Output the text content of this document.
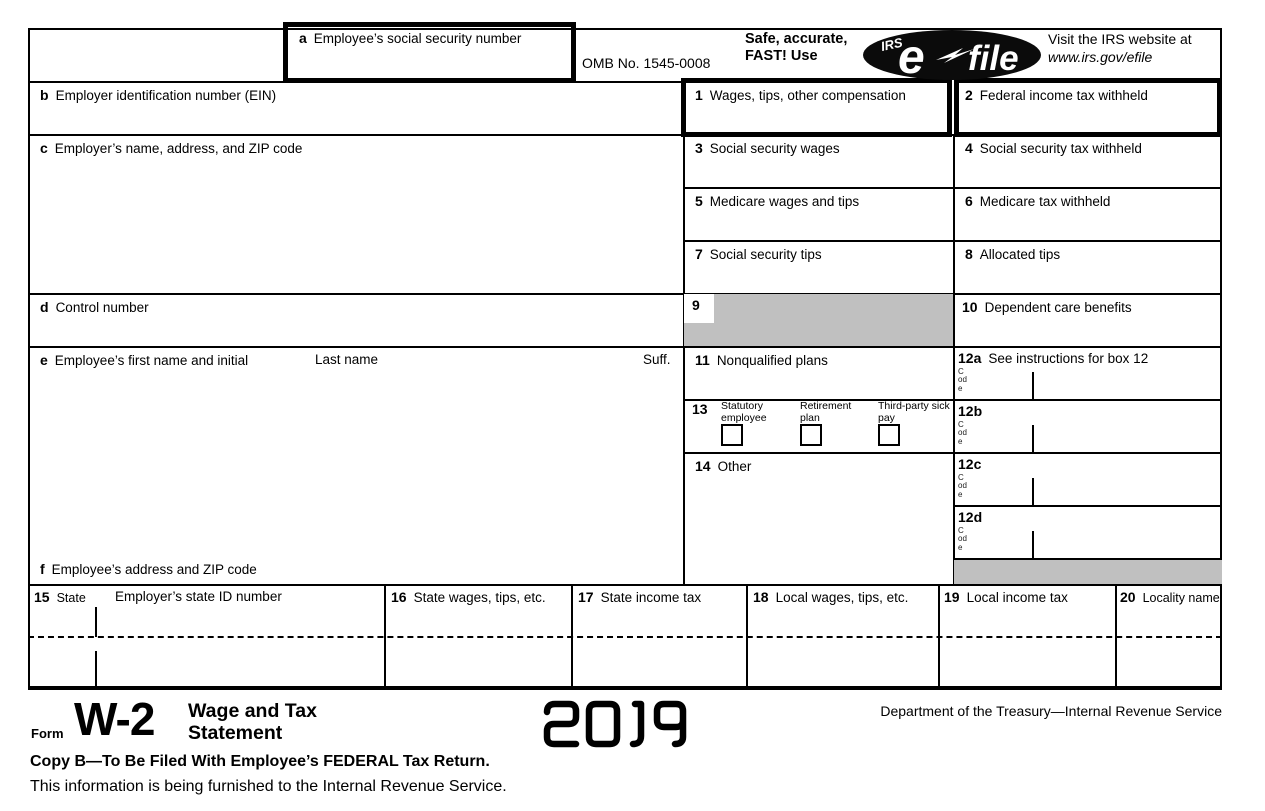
a Employee’s social security number
OMB No. 1545-0008
Safe, accurate,
FAST! Use
IRS
e file Visit the IRS website at
www.irs.gov/efile
b Employer identification number (EIN)
c Employer’s name, address, and ZIP code
d Control number
e Employee’s first name and initial	Last name	Suff.
f Employee’s address and ZIP code
1 Wages, tips, other compensation	2 Federal income tax withheld
3 Social security wages	4 Social security tax withheld
5 Medicare wages and tips	6 Medicare tax withheld
7 Social security tips	8 Allocated tips
9	10 Dependent care benefits
11 Nonqualified plans	12a See instructions for box 12
Code
12b
Code
12c
Code
12d
Code
13 Statutory employee
Retirement plan
Third-party sick pay
14 Other
15 State Employer’s state ID number	16 State wages, tips, etc. 17 State income tax	18 Local wages, tips, etc.	19 Local income tax	20 Locality name
Form W-2 Wage and Tax
Statement
Department of the Treasury—Internal Revenue Service
Copy B—To Be Filed With Employee’s FEDERAL Tax Return.
This information is being furnished to the Internal Revenue Service.
